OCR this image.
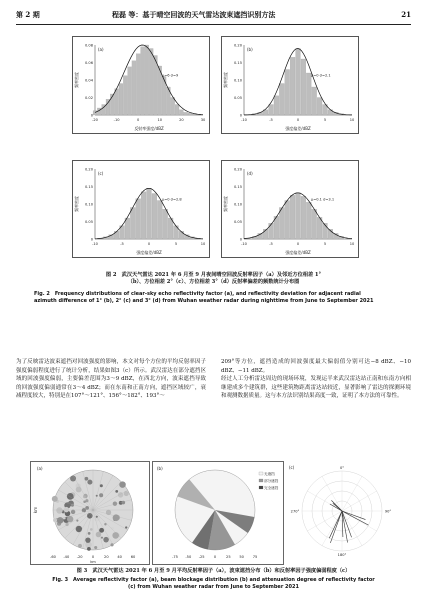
第 2 期	程磊 等：基于晴空回波的天气雷达波束遮挡识别方法	21
-20	-10	0	10	20	30
0
0.02
0.04
0.06
0.08
反射率强度/dBZ
频率密度
(a)
μ=6 σ=9
-10	-5	0	5	10
0
0.05
0.10
0.15
0.20
强度偏差/dBZ
频率密度
(b)
μ=0 σ=2.1
-10	-5	0	5	10
0
0.05
0.10
0.15
0.20
强度偏差/dBZ
频率密度
(c)
μ=0 σ=2.8
-10	-5	0	5	10
0
0.05
0.10
0.15
0.20
强度偏差/dBZ
频率密度
(d)
μ=0.1 σ=3.1
图 2　武汉天气雷达 2021 年 6 月至 9 月夜间晴空回波反射率因子（a）及邻近方位相差 1°
（b）、方位相差 2°（c）、方位相差 3°（d）反射率偏差的频数统计分布图
Fig. 2　Frequency distributions of clear-sky echo reflectivity factor (a), and reflectivity deviation for adjacent radial
azimuth difference of 1° (b), 2° (c) and 3° (d) from Wuhan weather radar during nighttime from June to September 2021
为了反映雷达波束遮挡对回波强度的影响，本文对每个方位的平均反射率因子强度偏弱程度进行了统计分析，结果如图3（c）所示。武汉雷达在部分遮挡区域的回波强度偏弱，主要偏差范围为3～9 dBZ，在西北方向，波束遮挡导致的回波强度偏弱通常在3～4 dBZ；而在东南和正南方向，遮挡区域较广，衰减程度较大，特别是在107°～121°、156°～182°、193°～
209°等方位，遮挡造成的回波强度最大偏弱值分别可达−8 dBZ、−10 dBZ、−11 dBZ。
经过人工分析雷达周边的现场环境，发现运半来武汉雷达站正南和东南方向相继建成多个建筑群，这些建筑物距离雷达站较近，显著影响了雷达的探测环境和观测数据质量。这与本方法识别结果高度一致，证明了本方法的可靠性。
-60 -40 -20	0	20 40 60
km
km
(a)
-75 -50 -25	0	25 50 75
(b)
无遮挡
部分遮挡
完全遮挡
0°
90°
180°
270°
(c)
图 3　武汉天气雷达 2021 年 6 月至 9 月平均反射率因子（a），波束遮挡分布（b）和反射率因子强度偏弱程度（c）
Fig. 3　Average reflectivity factor (a), beam blockage distribution (b) and attenuation degree of reflectivity factor
(c) from Wuhan weather radar from June to September 2021
